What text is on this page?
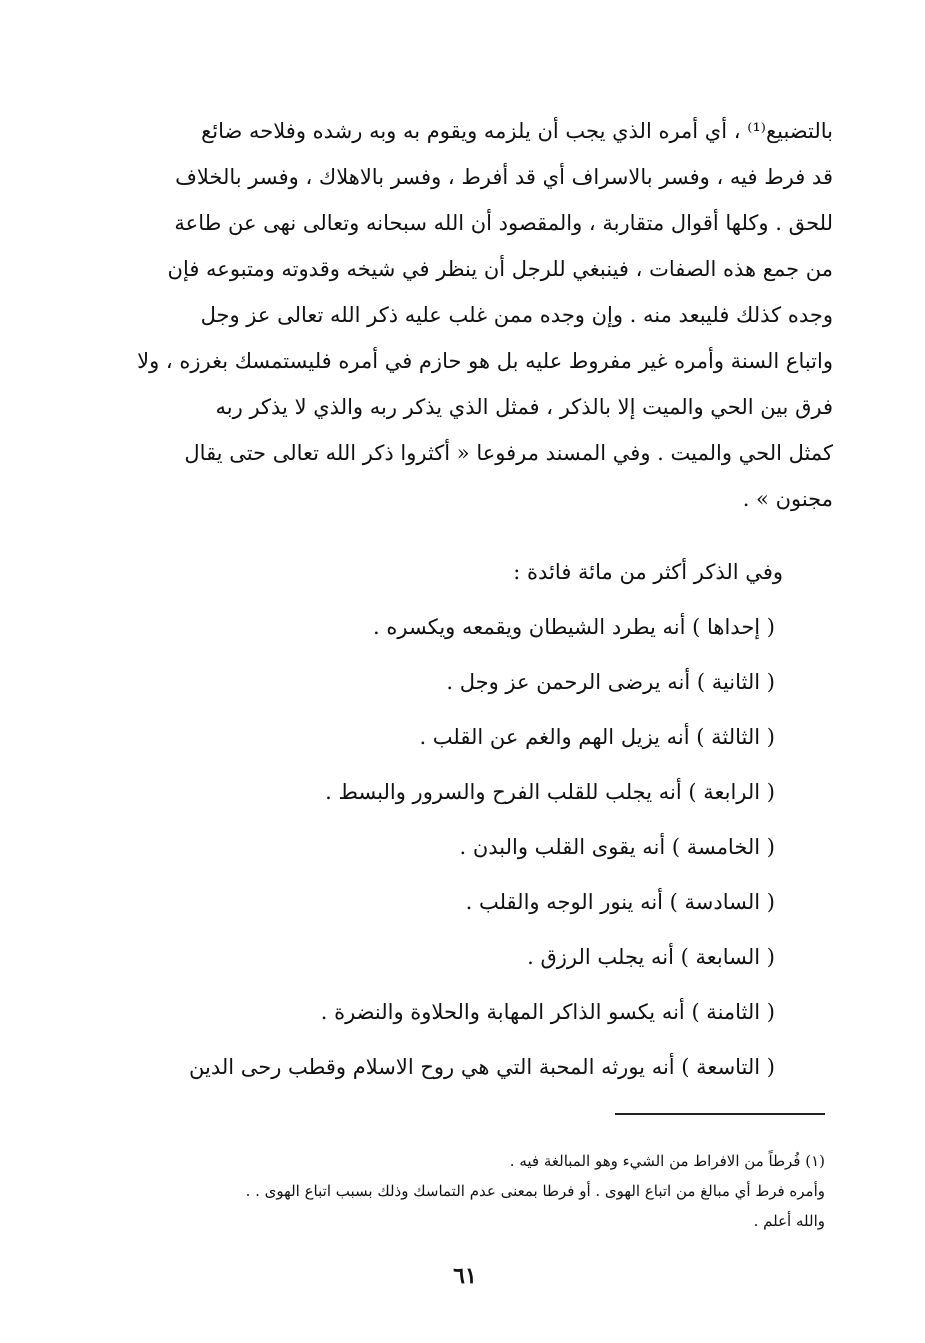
بالتضبيع⁽¹⁾ ، أي أمره الذي يجب أن يلزمه ويقوم به وبه رشده وفلاحه ضائع
قد فرط فيه ، وفسر بالاسراف أي قد أفرط ، وفسر بالاهلاك ، وفسر بالخلاف
للحق . وكلها أقوال متقاربة ، والمقصود أن الله سبحانه وتعالى نهى عن طاعة
من جمع هذه الصفات ، فينبغي للرجل أن ينظر في شيخه وقدوته ومتبوعه فإن
وجده كذلك فليبعد منه . وإن وجده ممن غلب عليه ذكر الله تعالى عز وجل
واتباع السنة وأمره غير مفروط عليه بل هو حازم في أمره فليستمسك بغرزه ، ولا
فرق بين الحي والميت إلا بالذكر ، فمثل الذي يذكر ربه والذي لا يذكر ربه
كمثل الحي والميت . وفي المسند مرفوعا « أكثروا ذكر الله تعالى حتى يقال
مجنون » .
وفي الذكر أكثر من مائة فائدة :
( إحداها ) أنه يطرد الشيطان ويقمعه ويكسره .
( الثانية ) أنه يرضى الرحمن عز وجل .
( الثالثة ) أنه يزيل الهم والغم عن القلب .
( الرابعة ) أنه يجلب للقلب الفرح والسرور والبسط .
( الخامسة ) أنه يقوى القلب والبدن .
( السادسة ) أنه ينور الوجه والقلب .
( السابعة ) أنه يجلب الرزق .
( الثامنة ) أنه يكسو الذاكر المهابة والحلاوة والنضرة .
( التاسعة ) أنه يورثه المحبة التي هي روح الاسلام وقطب رحى الدين
(١) فُرطاً من الافراط من الشيء وهو المبالغة فيه .
وأمره فرط أي مبالغ من اتباع الهوى . أو فرطا بمعنى عدم التماسك وذلك بسبب اتباع الهوى . .
والله أعلم .
٦١
